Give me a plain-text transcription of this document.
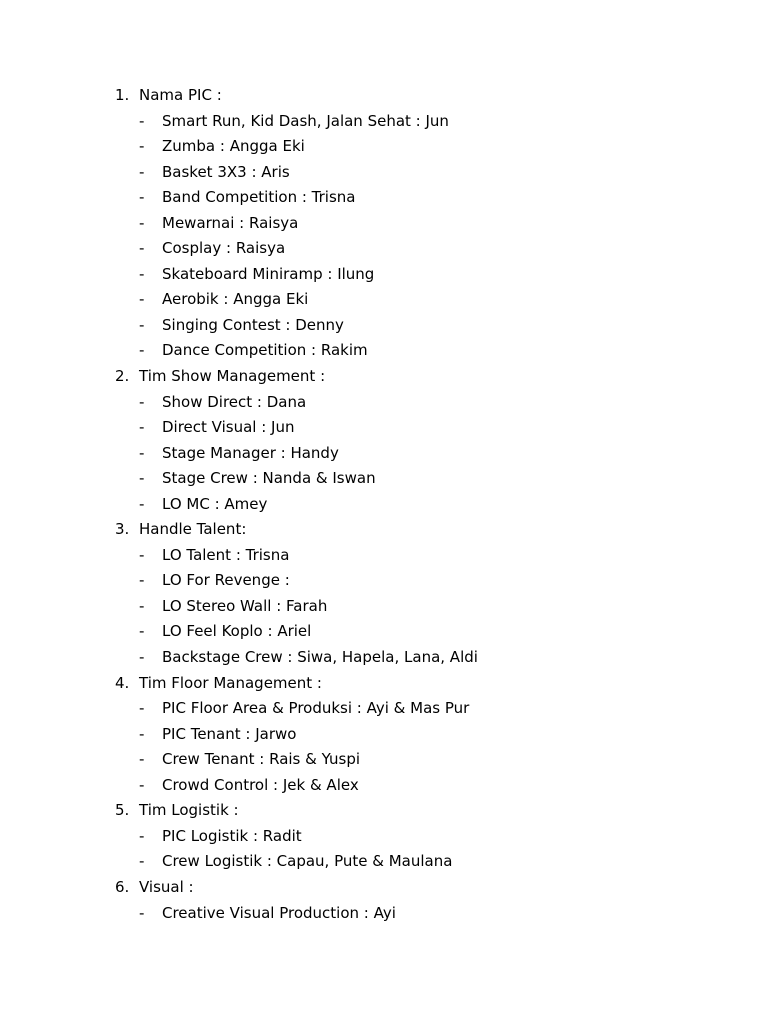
1. Nama PIC :
- Smart Run, Kid Dash, Jalan Sehat : Jun
- Zumba : Angga Eki
- Basket 3X3 : Aris
- Band Competition : Trisna
- Mewarnai : Raisya
- Cosplay : Raisya
- Skateboard Miniramp : Ilung
- Aerobik : Angga Eki
- Singing Contest : Denny
- Dance Competition : Rakim
2. Tim Show Management :
- Show Direct : Dana
- Direct Visual : Jun
- Stage Manager : Handy
- Stage Crew : Nanda & Iswan
- LO MC : Amey
3. Handle Talent:
- LO Talent : Trisna
- LO For Revenge :
- LO Stereo Wall : Farah
- LO Feel Koplo : Ariel
- Backstage Crew : Siwa, Hapela, Lana, Aldi
4. Tim Floor Management :
- PIC Floor Area & Produksi : Ayi & Mas Pur
- PIC Tenant : Jarwo
- Crew Tenant : Rais & Yuspi
- Crowd Control : Jek & Alex
5. Tim Logistik :
- PIC Logistik : Radit
- Crew Logistik : Capau, Pute & Maulana
6. Visual :
- Creative Visual Production : Ayi
